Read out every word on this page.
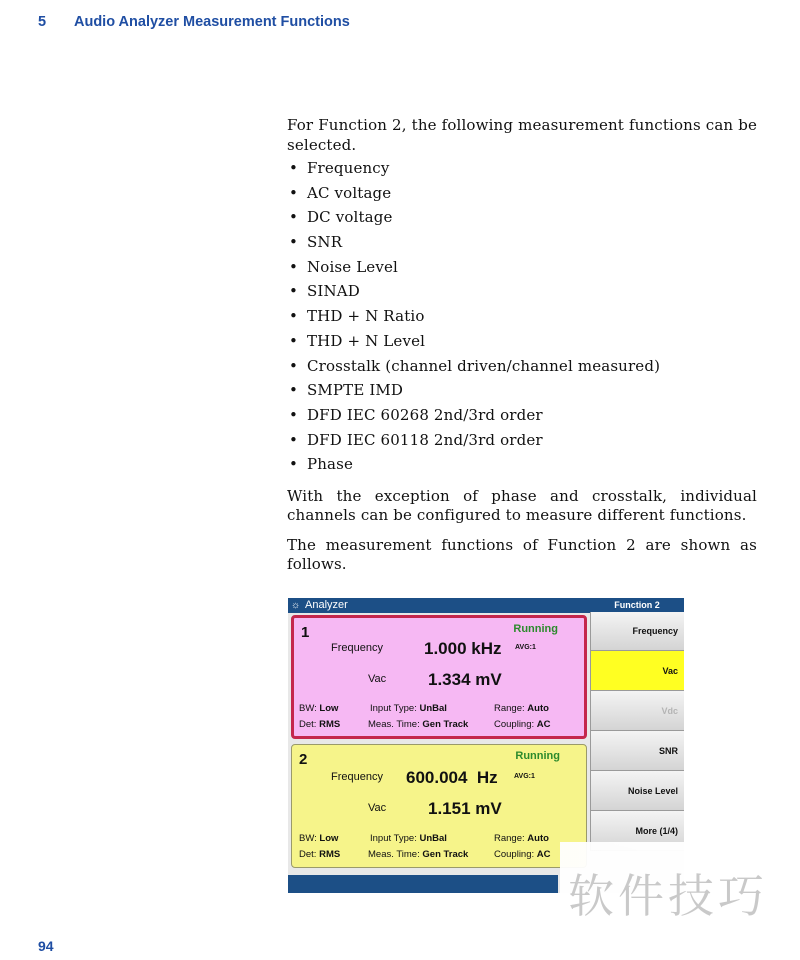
5	Audio Analyzer Measurement Functions

For Function 2, the following measurement functions can be selected.

• Frequency
• AC voltage
• DC voltage
• SNR
• Noise Level
• SINAD
• THD + N Ratio
• THD + N Level
• Crosstalk (channel driven/channel measured)
• SMPTE IMD
• DFD IEC 60268 2nd/3rd order
• DFD IEC 60118 2nd/3rd order
• Phase

With the exception of phase and crosstalk, individual channels can be configured to measure different functions.

The measurement functions of Function 2 are shown as follows.

☼ Analyzer	Function 2
Frequency
Vac
Vdc
SNR
Noise Level
More (1/4)
1	Running
Frequency 1.000 kHz AVG:1
Vac 1.334 mV
BW: Low
Det: RMS
Input Type: UnBal
Meas. Time: Gen Track
Range: Auto
Coupling: AC
2	Running
Frequency 600.004  Hz AVG:1
Vac 1.151 mV
BW: Low
Det: RMS
Input Type: UnBal
Meas. Time: Gen Track
Range: Auto
Coupling: AC
软件技巧
94
